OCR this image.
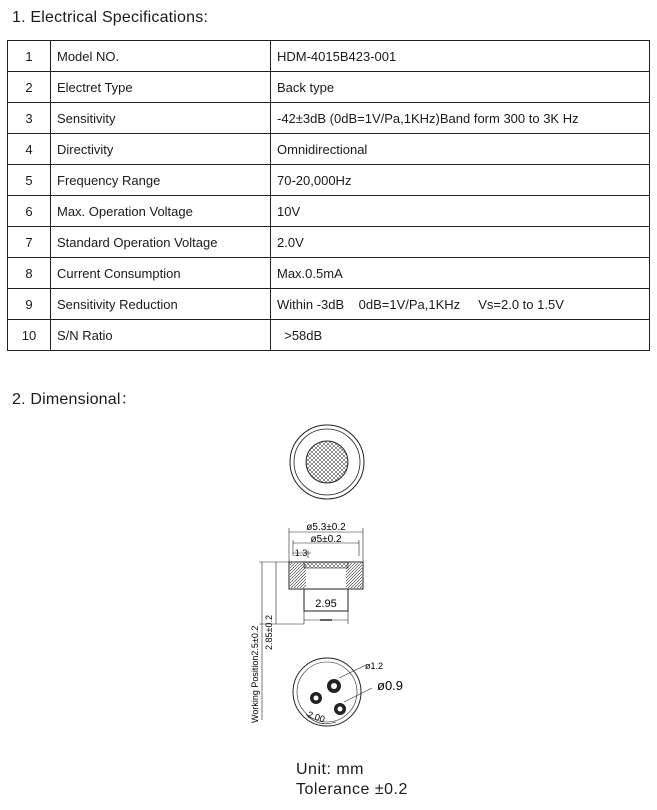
1. Electrical Specifications:
1	Model NO.	HDM-4015B423-001
2	Electret Type	Back type
3	Sensitivity	-42±3dB (0dB=1V/Pa,1KHz)Band form 300 to 3K Hz
4	Directivity	Omnidirectional
5	Frequency Range	70-20,000Hz
6	Max. Operation Voltage	10V
7	Standard Operation Voltage	2.0V
8	Current Consumption	Max.0.5mA
9	Sensitivity Reduction	Within -3dB    0dB=1V/Pa,1KHz     Vs=2.0 to 1.5V
10	S/N Ratio	>58dB
2. Dimensional：
ø5.3±0.2
ø5±0.2
1.3
2.95
2.85±0.2
Working Position2.5±0.2	ø1.2
ø0.9
2.00
Unit: mm
Tolerance ±0.2
